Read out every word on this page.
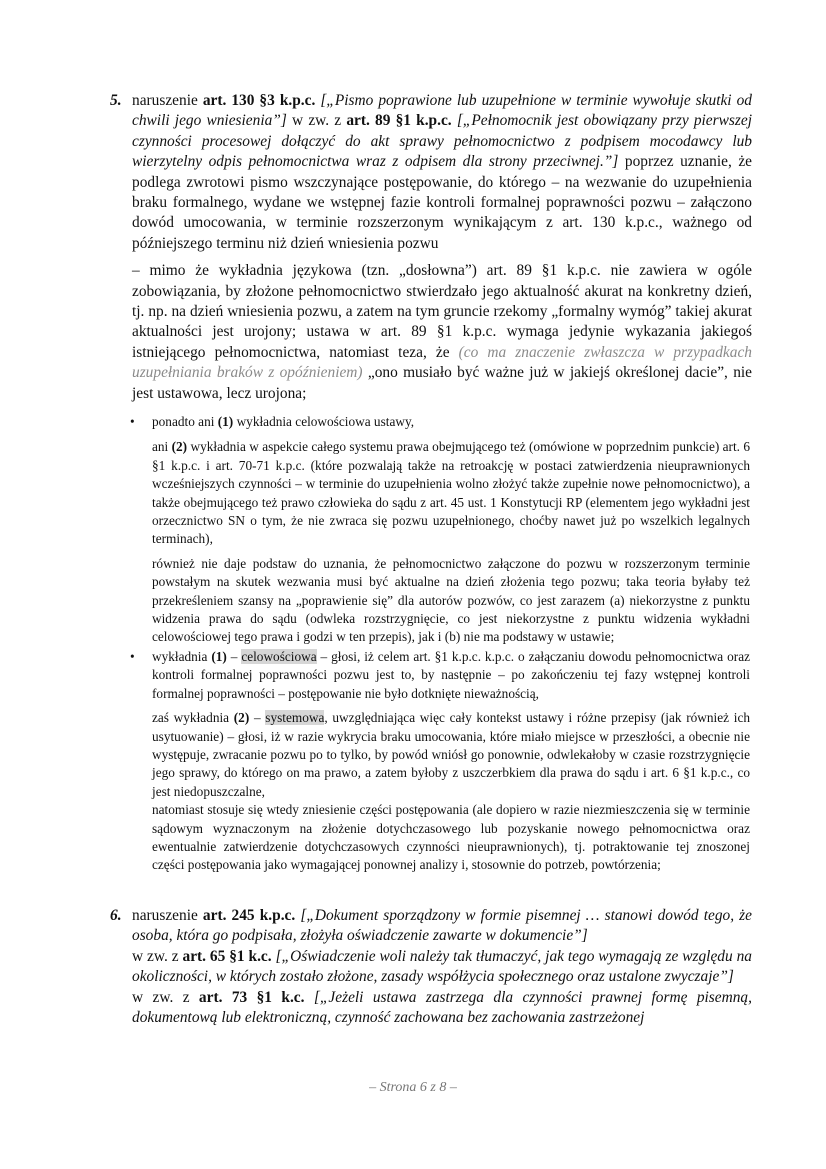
5. naruszenie art. 130 §3 k.p.c. [„Pismo poprawione lub uzupełnione w terminie wywołuje skutki od chwili jego wniesienia”] w zw. z art. 89 §1 k.p.c. [„Pełnomocnik jest obowiązany przy pierwszej czynności procesowej dołączyć do akt sprawy pełnomocnictwo z podpisem mocodawcy lub wierzytelny odpis pełnomocnictwa wraz z odpisem dla strony przeciwnej.”] poprzez uznanie, że podlega zwrotowi pismo wszczynające postępowanie, do którego – na wezwanie do uzupełnienia braku formalnego, wydane we wstępnej fazie kontroli formalnej poprawności pozwu – załączono dowód umocowania, w terminie rozszerzonym wynikającym z art. 130 k.p.c., ważnego od późniejszego terminu niż dzień wniesienia pozwu

– mimo że wykładnia językowa (tzn. „dosłowna”) art. 89 §1 k.p.c. nie zawiera w ogóle zobowiązania, by złożone pełnomocnictwo stwierdzało jego aktualność akurat na konkretny dzień, tj. np. na dzień wniesienia pozwu, a zatem na tym gruncie rzekomy „formalny wymóg” takiej akurat aktualności jest urojony; ustawa w art. 89 §1 k.p.c. wymaga jedynie wykazania jakiegoś istniejącego pełnomocnictwa, natomiast teza, że (co ma znaczenie zwłaszcza w przypadkach uzupełniania braków z opóźnieniem) „ono musiało być ważne już w jakiejś określonej dacie”, nie jest ustawowa, lecz urojona;

• ponadto ani (1) wykładnia celowościowa ustawy,

ani (2) wykładnia w aspekcie całego systemu prawa obejmującego też (omówione w poprzednim punkcie) art. 6 §1 k.p.c. i art. 70-71 k.p.c. (które pozwalają także na retroakcję w postaci zatwierdzenia nieuprawnionych wcześniejszych czynności – w terminie do uzupełnienia wolno złożyć także zupełnie nowe pełnomocnictwo), a także obejmującego też prawo człowieka do sądu z art. 45 ust. 1 Konstytucji RP (elementem jego wykładni jest orzecznictwo SN o tym, że nie zwraca się pozwu uzupełnionego, choćby nawet już po wszelkich legalnych terminach),

również nie daje podstaw do uznania, że pełnomocnictwo załączone do pozwu w rozszerzonym terminie powstałym na skutek wezwania musi być aktualne na dzień złożenia tego pozwu; taka teoria byłaby też przekreśleniem szansy na „poprawienie się” dla autorów pozwów, co jest zarazem (a) niekorzystne z punktu widzenia prawa do sądu (odwleka rozstrzygnięcie, co jest niekorzystne z punktu widzenia wykładni celowościowej tego prawa i godzi w ten przepis), jak i (b) nie ma podstawy w ustawie;

• wykładnia (1) – celowościowa – głosi, iż celem art. §1 k.p.c. k.p.c. o załączaniu dowodu pełnomocnictwa oraz kontroli formalnej poprawności pozwu jest to, by następnie – po zakończeniu tej fazy wstępnej kontroli formalnej poprawności – postępowanie nie było dotknięte nieważnością,

zaś wykładnia (2) – systemowa, uwzględniająca więc cały kontekst ustawy i różne przepisy (jak również ich usytuowanie) – głosi, iż w razie wykrycia braku umocowania, które miało miejsce w przeszłości, a obecnie nie występuje, zwracanie pozwu po to tylko, by powód wniósł go ponownie, odwlekałoby w czasie rozstrzygnięcie jego sprawy, do którego on ma prawo, a zatem byłoby z uszczerbkiem dla prawa do sądu i art. 6 §1 k.p.c., co jest niedopuszczalne,

natomiast stosuje się wtedy zniesienie części postępowania (ale dopiero w razie niezmieszczenia się w terminie sądowym wyznaczonym na złożenie dotychczasowego lub pozyskanie nowego pełnomocnictwa oraz ewentualnie zatwierdzenie dotychczasowych czynności nieuprawnionych), tj. potraktowanie tej znoszonej części postępowania jako wymagającej ponownej analizy i, stosownie do potrzeb, powtórzenia;

6. naruszenie art. 245 k.p.c. [„Dokument sporządzony w formie pisemnej … stanowi dowód tego, że osoba, która go podpisała, złożyła oświadczenie zawarte w dokumencie”]

w zw. z art. 65 §1 k.c. [„Oświadczenie woli należy tak tłumaczyć, jak tego wymagają ze względu na okoliczności, w których zostało złożone, zasady współżycia społecznego oraz ustalone zwyczaje”]

w zw. z art. 73 §1 k.c. [„Jeżeli ustawa zastrzega dla czynności prawnej formę pisemną, dokumentową lub elektroniczną, czynność zachowana bez zachowania zastrzeżonej

– Strona 6 z 8 –
